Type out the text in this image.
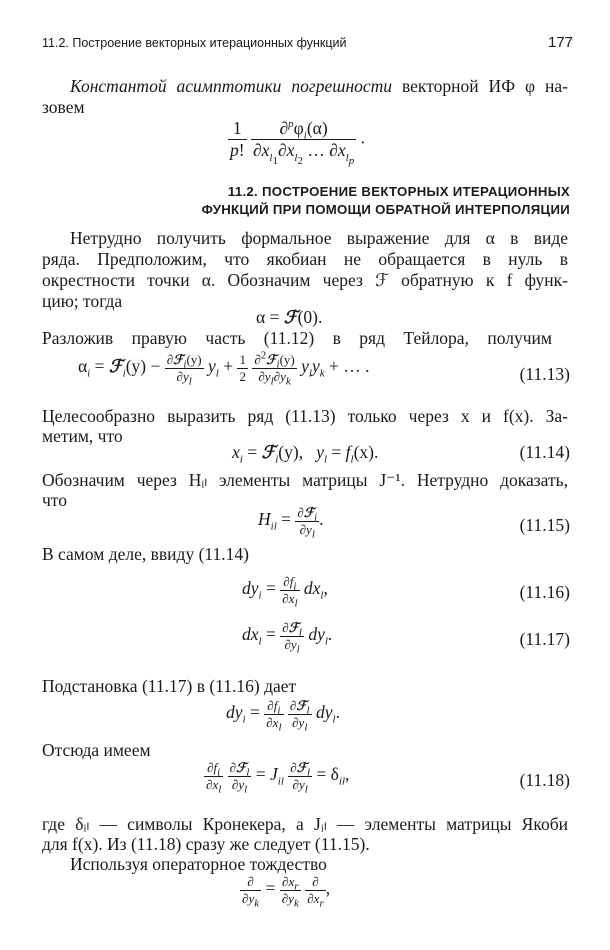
11.2. Построение векторных итерационных функций	177
Константой асимптотики погрешности векторной ИФ φ на-
зовем
$\frac{1}{p!}$
$\frac{\partial^p\varphi_i(\alpha)}{\partial x_{l_1}\partial x_{l_2} \dots \partial x_{l_p}}$ .
11.2. ПОСТРОЕНИЕ ВЕКТОРНЫХ ИТЕРАЦИОННЫХ
ФУНКЦИЙ ПРИ ПОМОЩИ ОБРАТНОЙ ИНТЕРПОЛЯЦИИ
Нетрудно получить формальное выражение для α в виде
ряда. Предположим, что якобиан не обращается в нуль в
окрестности точки α. Обозначим через ℱ обратную к f функ-
цию; тогда
α = ℱ(0).
Разложив правую часть (11.12) в ряд Тейлора, получим
$\alpha_i$ = ℱ$_i$(y) − $\frac{\partial ℱ_i(y)}{\partial y_l} y_l + \frac{1}{2}$
$\frac{\partial^2ℱ_i(y)}{\partial y_l\partial y_k} y_ly_k$ + … .	(11.13)
Целесообразно выразить ряд (11.13) только через x и f(x). За-
метим, что
$x_i$ = ℱ$_i$(y),   $y_l = f_l(x)$.	(11.14)
Обозначим через Hᵢₗ элементы матрицы J⁻¹. Нетрудно доказать,
что
$H_{il} = \frac{\partial ℱ_i}{\partial y_l}$ .	(11.15)
В самом деле, ввиду (11.14)
$dy_i = \frac{\partial f_i}{\partial x_l} dx_l$,	(11.16)
$dx_l = \frac{\partial ℱ_l}{\partial y_l} dy_l$.	(11.17)
Подстановка (11.17) в (11.16) дает
$dy_i = \frac{\partial f_i}{\partial x_l}$
$\frac{\partial ℱ_l}{\partial y_l} dy_l$.
Отсюда имеем
$\frac{\partial f_i}{\partial x_l}$
$\frac{\partial ℱ_l}{\partial y_l} = J_{il} \frac{\partial ℱ_l}{\partial y_l} = \delta_{il}$,	(11.18)
где δᵢₗ — символы Кронекера, а Jᵢₗ — элементы матрицы Якоби
для f(x). Из (11.18) сразу же следует (11.15).
Используя операторное тождество
$\frac{\partial}{\partial y_k} = \frac{\partial x_r}{\partial y_k}$
$\frac{\partial}{\partial x_r}$ ,
